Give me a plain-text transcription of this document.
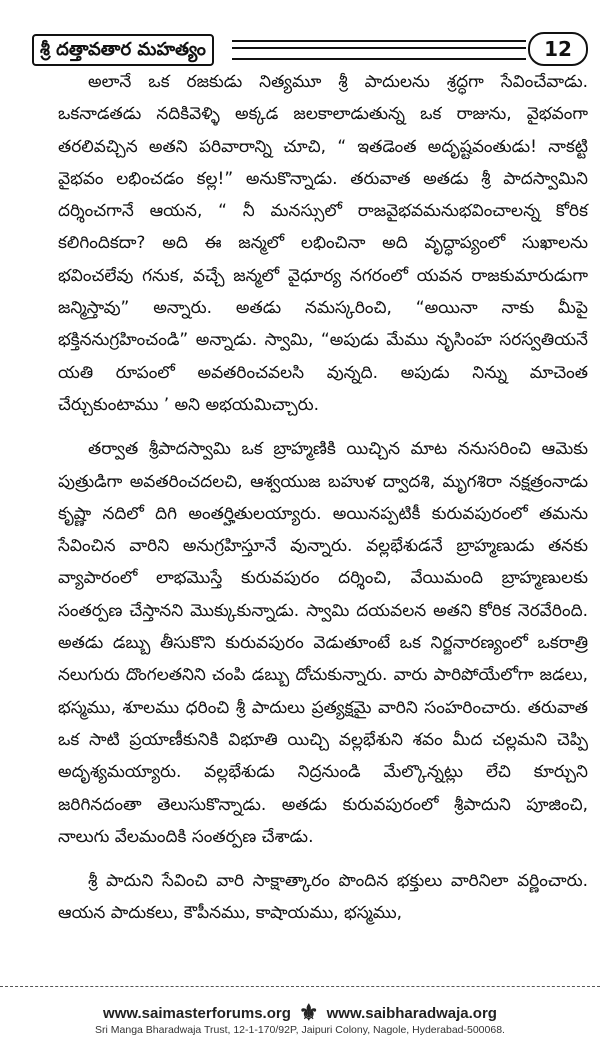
శ్రీ దత్తావతార మహత్యం	12

అలానే ఒక రజకుడు నిత్యమూ శ్రీ పాదులను శ్రద్ధగా సేవించేవాడు. ఒకనాడతడు నదికివెళ్ళి అక్కడ జలకాలాడుతున్న ఒక రాజును, వైభవంగా తరలివచ్చిన అతని పరివారాన్ని చూచి, “ ఇతడెంత అదృష్టవంతుడు! నాకట్టి వైభవం లభించడం కల్ల!” అనుకొన్నాడు. తరువాత అతడు శ్రీ పాదస్వామిని దర్శించగానే ఆయన, “ నీ మనస్సులో రాజవైభవమనుభవించాలన్న కోరిక కలిగిందికదా? అది ఈ జన్మలో లభించినా అది వృద్ధాప్యంలో సుఖాలను భవించలేవు గనుక, వచ్చే జన్మలో వైధూర్య నగరంలో యవన రాజకుమారుడుగా జన్మిస్తావు” అన్నారు. అతడు నమస్కరించి, “అయినా నాకు మీపై భక్తిననుగ్రహించండి” అన్నాడు. స్వామి, “అపుడు మేము నృసింహ సరస్వతియనే యతి రూపంలో అవతరించవలసి వున్నది. అపుడు నిన్ను మాచెంత చేర్చుకుంటాము ’ అని అభయమిచ్చారు.

తర్వాత శ్రీపాదస్వామి ఒక బ్రాహ్మణికి యిచ్చిన మాట ననుసరించి ఆమెకు పుత్రుడిగా అవతరించదలచి, ఆశ్వయుజ బహుళ ద్వాదశి, మృగశిరా నక్షత్రంనాడు కృష్ణా నదిలో దిగి అంతర్హితులయ్యారు. అయినప్పటికీ కురువపురంలో తమను సేవించిన వారిని అనుగ్రహిస్తూనే వున్నారు. వల్లభేశుడనే బ్రాహ్మణుడు తనకు వ్యాపారంలో లాభమొస్తే కురువపురం దర్శించి, వేయిమంది బ్రాహ్మణులకు సంతర్పణ చేస్తానని మొక్కుకున్నాడు. స్వామి దయవలన అతని కోరిక నెరవేరింది. అతడు డబ్బు తీసుకొని కురువపురం వెడుతూంటే ఒక నిర్జనారణ్యంలో ఒకరాత్రి నలుగురు దొంగలతనిని చంపి డబ్బు దోచుకున్నారు. వారు పారిపోయేలోగా జడలు, భస్మము, శూలము ధరించి శ్రీ పాదులు ప్రత్యక్షమై వారిని సంహరించారు. తరువాత ఒక సాటి ప్రయాణీకునికి విభూతి యిచ్చి వల్లభేశుని శవం మీద చల్లమని చెప్పి అదృశ్యమయ్యారు. వల్లభేశుడు నిద్రనుండి మేల్కొన్నట్లు లేచి కూర్చుని జరిగినదంతా తెలుసుకొన్నాడు. అతడు కురువపురంలో శ్రీపాదుని పూజించి, నాలుగు వేలమందికి సంతర్పణ చేశాడు.

శ్రీ పాదుని సేవించి వారి సాక్షాత్కారం పొందిన భక్తులు వారినిలా వర్ణించారు. ఆయన పాదుకలు, కౌపీనము, కాషాయము, భస్మము,

www.saimasterforums.org ⚜ www.saibharadwaja.org
Sri Manga Bharadwaja Trust, 12-1-170/92P, Jaipuri Colony, Nagole, Hyderabad-500068.
